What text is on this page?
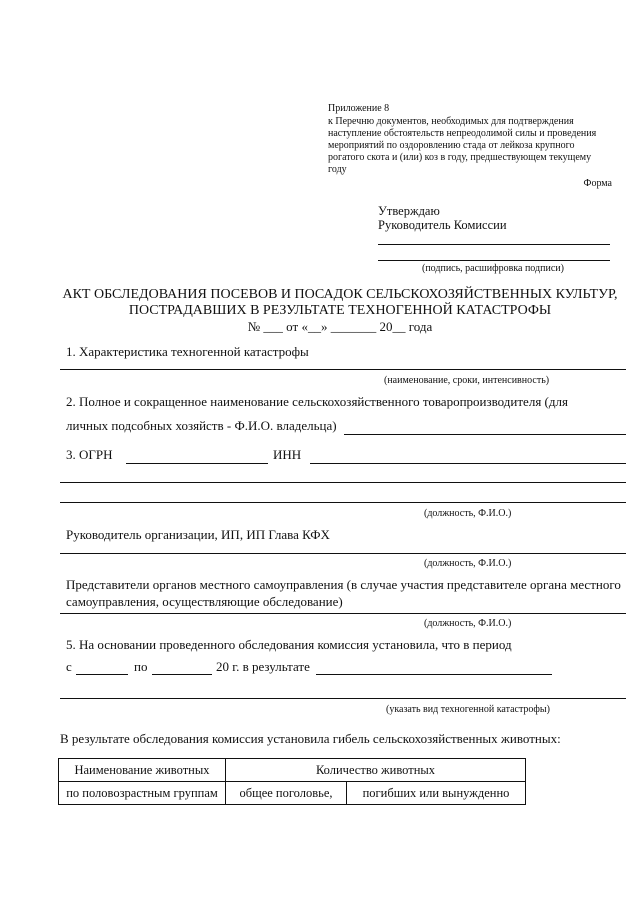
Приложение 8
к Перечню документов, необходимых для подтверждения
наступление обстоятельств непреодолимой силы и проведения
мероприятий по оздоровлению стада от лейкоза крупного
рогатого скота и (или) коз в году, предшествующем текущему
году
Форма
Утверждаю
Руководитель Комиссии
(подпись, расшифровка подписи)
АКТ ОБСЛЕДОВАНИЯ ПОСЕВОВ И ПОСАДОК СЕЛЬСКОХОЗЯЙСТВЕННЫХ КУЛЬТУР,
ПОСТРАДАВШИХ В РЕЗУЛЬТАТЕ ТЕХНОГЕННОЙ КАТАСТРОФЫ
№ ___ от «__» _______ 20__ года
1. Характеристика техногенной катастрофы
(наименование, сроки, интенсивность)
2. Полное и сокращенное наименование сельскохозяйственного товаропроизводителя (для
личных подсобных хозяйств - Ф.И.О. владельца)
3. ОГРН	ИНН
(должность, Ф.И.О.)
Руководитель организации, ИП, ИП Глава КФХ
(должность, Ф.И.О.)
Представители органов местного самоуправления (в случае участия представителе органа местного
самоуправления, осуществляющие обследование)
(должность, Ф.И.О.)
5. На основании проведенного обследования комиссия установила, что в период
с	по	20 г. в результате
(указать вид техногенной катастрофы)
В результате обследования комиссия установила гибель сельскохозяйственных животных:
Наименование животных	Количество животных	
по половозрастным группам	общее поголовье,	погибших или вынужденно
